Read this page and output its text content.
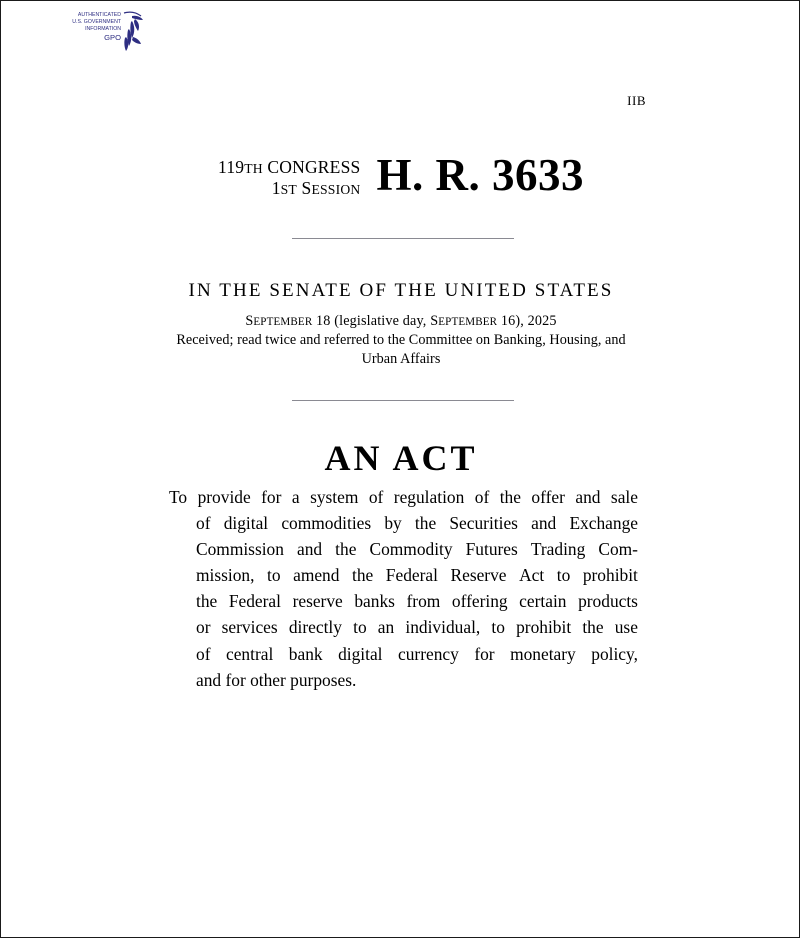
AUTHENTICATED
U.S. GOVERNMENT
INFORMATION
GPO
IIB
119TH CONGRESS
1ST SESSION H. R. 3633
IN THE SENATE OF THE UNITED STATES
SEPTEMBER 18 (legislative day, SEPTEMBER 16), 2025
Received; read twice and referred to the Committee on Banking, Housing, and
Urban Affairs
AN ACT
To provide for a system of regulation of the offer and sale
of digital commodities by the Securities and Exchange
Commission and the Commodity Futures Trading Com-
mission, to amend the Federal Reserve Act to prohibit
the Federal reserve banks from offering certain products
or services directly to an individual, to prohibit the use
of central bank digital currency for monetary policy,
and for other purposes.
